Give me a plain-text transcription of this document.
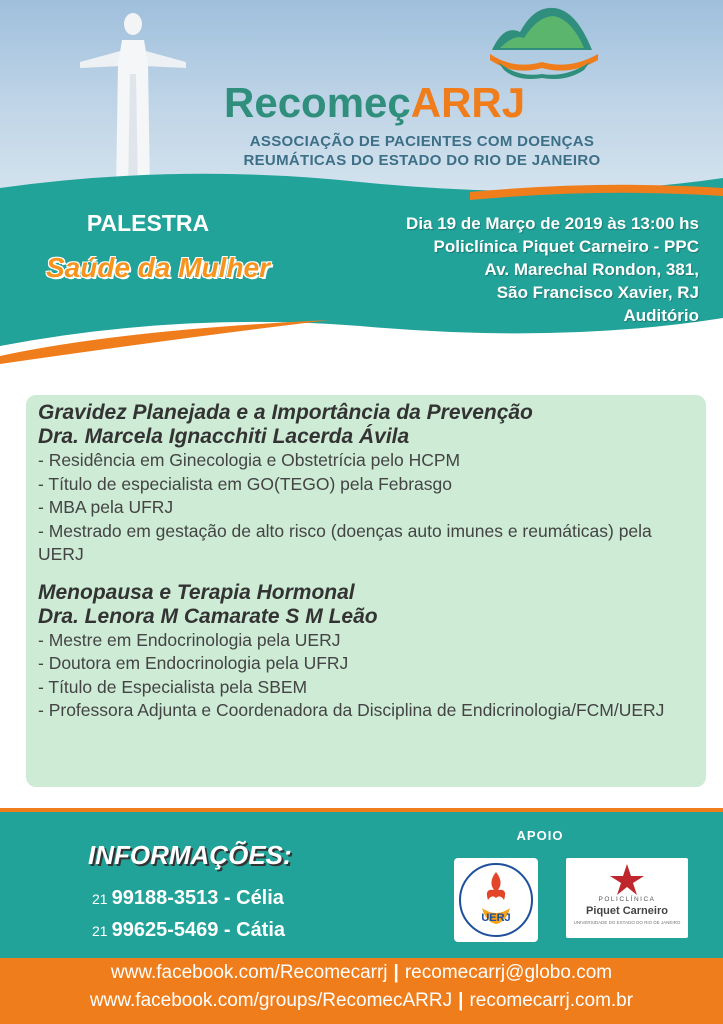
RecomeçARRJ
ASSOCIAÇÃO DE PACIENTES COM DOENÇAS
REUMÁTICAS DO ESTADO DO RIO DE JANEIRO
PALESTRA
Saúde da Mulher
Dia 19 de Março de 2019 às 13:00 hs
Policlínica Piquet Carneiro - PPC
Av. Marechal Rondon, 381,
São Francisco Xavier, RJ
Auditório
Gravidez Planejada e a Importância da Prevenção
Dra. Marcela Ignacchiti Lacerda Ávila
- Residência em Ginecologia e Obstetrícia pelo HCPM
- Título de especialista em GO(TEGO) pela Febrasgo
- MBA pela UFRJ
- Mestrado em gestação de alto risco (doenças auto imunes e reumáticas) pela UERJ
Menopausa e Terapia Hormonal
Dra. Lenora M Camarate S M Leão
- Mestre em Endocrinologia pela UERJ
- Doutora em Endocrinologia pela UFRJ
- Título de Especialista pela SBEM
- Professora Adjunta e Coordenadora da Disciplina de Endicrinologia/FCM/UERJ
INFORMAÇÕES:
21 99188-3513 - Célia
21 99625-5469 - Cátia
APOIO
UERJ
POLICLÍNICA
Piquet Carneiro
UNIVERSIDADE DO ESTADO DO RIO DE JANEIRO
www.facebook.com/Recomecarrj | recomecarrj@globo.com
www.facebook.com/groups/RecomecARRJ | recomecarrj.com.br
